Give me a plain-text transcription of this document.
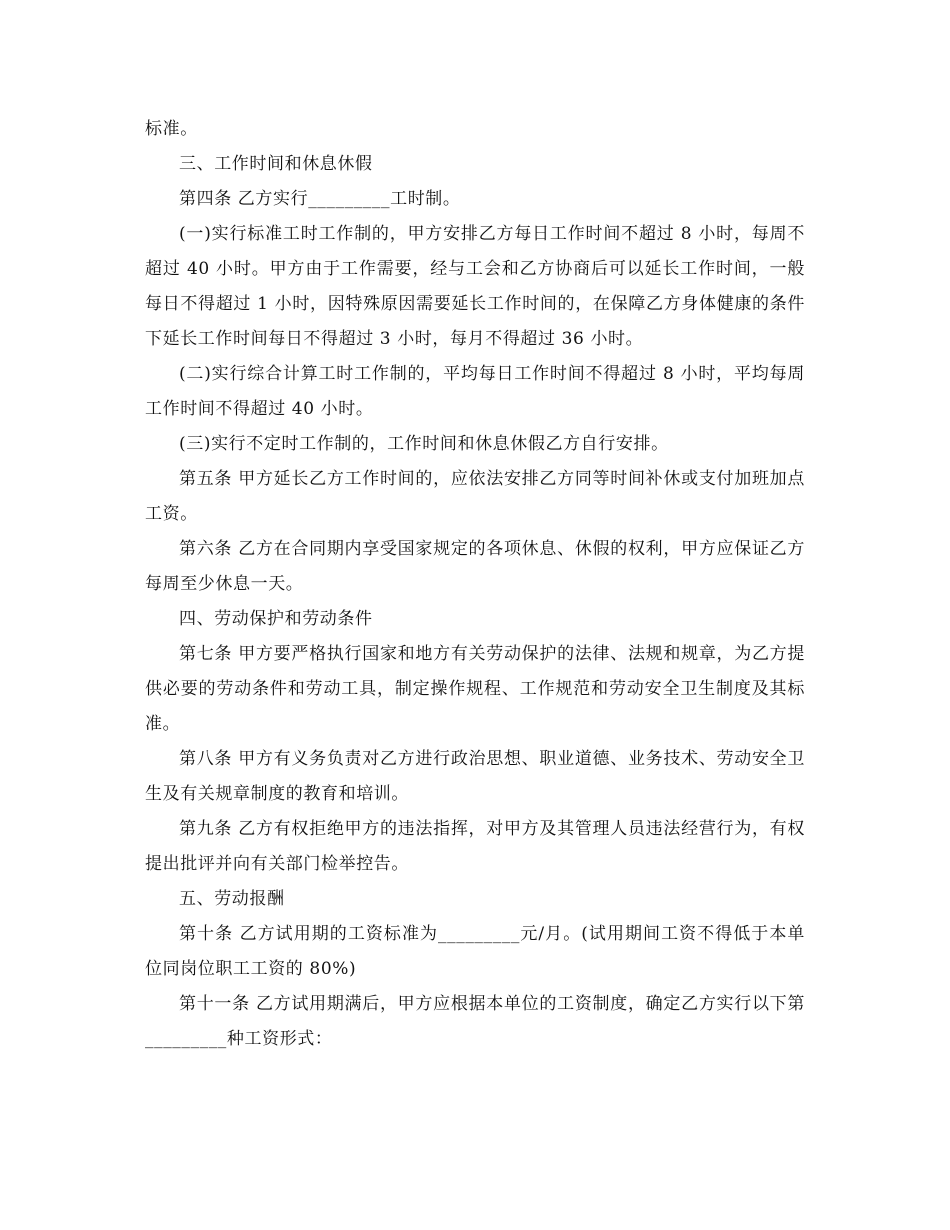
标准。

三、工作时间和休息休假

第四条 乙方实行_________工时制。

(一)实行标准工时工作制的，甲方安排乙方每日工作时间不超过 8 小时，每周不超过 40 小时。甲方由于工作需要，经与工会和乙方协商后可以延长工作时间，一般每日不得超过 1 小时，因特殊原因需要延长工作时间的，在保障乙方身体健康的条件下延长工作时间每日不得超过 3 小时，每月不得超过 36 小时。

(二)实行综合计算工时工作制的，平均每日工作时间不得超过 8 小时，平均每周工作时间不得超过 40 小时。

(三)实行不定时工作制的，工作时间和休息休假乙方自行安排。

第五条 甲方延长乙方工作时间的，应依法安排乙方同等时间补休或支付加班加点工资。

第六条 乙方在合同期内享受国家规定的各项休息、休假的权利，甲方应保证乙方每周至少休息一天。

四、劳动保护和劳动条件

第七条 甲方要严格执行国家和地方有关劳动保护的法律、法规和规章，为乙方提供必要的劳动条件和劳动工具，制定操作规程、工作规范和劳动安全卫生制度及其标准。

第八条 甲方有义务负责对乙方进行政治思想、职业道德、业务技术、劳动安全卫生及有关规章制度的教育和培训。

第九条 乙方有权拒绝甲方的违法指挥，对甲方及其管理人员违法经营行为，有权提出批评并向有关部门检举控告。

五、劳动报酬

第十条 乙方试用期的工资标准为_________元/月。(试用期间工资不得低于本单位同岗位职工工资的 80%)

第十一条 乙方试用期满后，甲方应根据本单位的工资制度，确定乙方实行以下第_________种工资形式：
